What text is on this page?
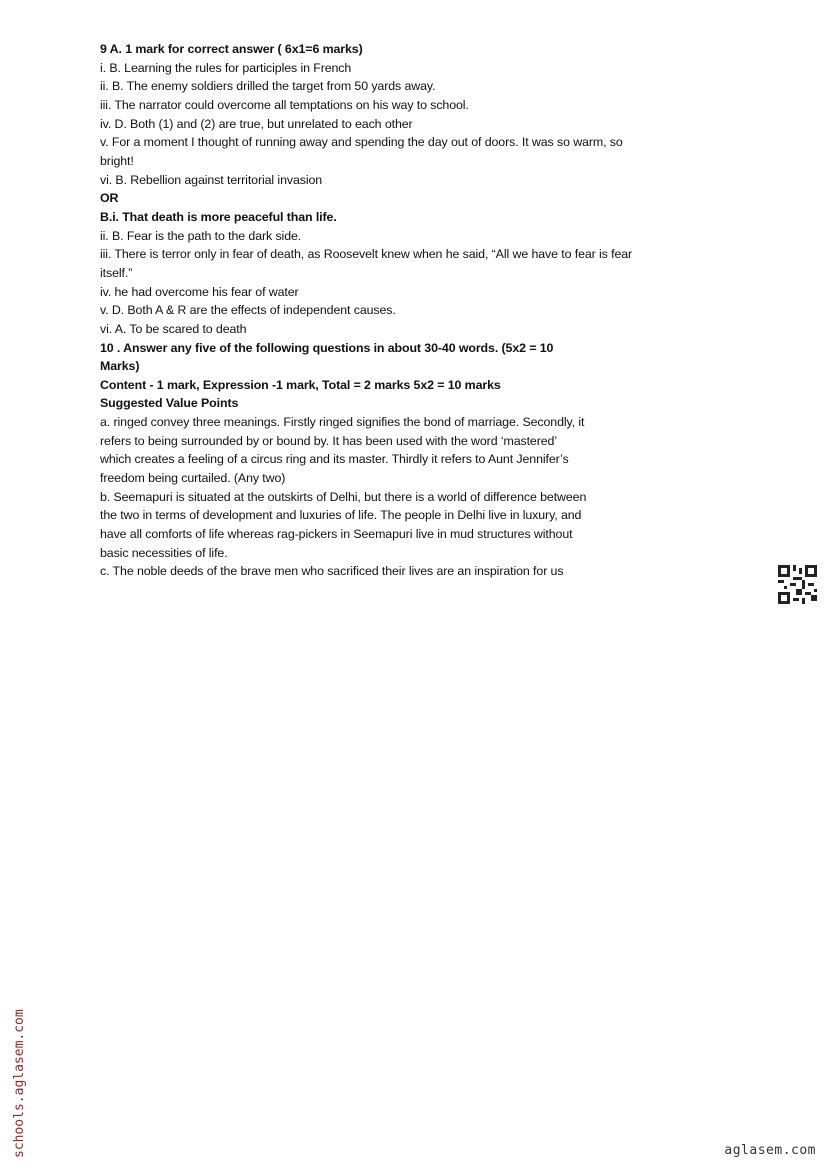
9 A. 1 mark for correct answer ( 6x1=6 marks)
i. B. Learning the rules for participles in French
ii. B. The enemy soldiers drilled the target from 50 yards away.
iii. The narrator could overcome all temptations on his way to school.
iv. D. Both (1) and (2) are true, but unrelated to each other
v. For a moment I thought of running away and spending the day out of doors. It was so warm, so
bright!
vi. B. Rebellion against territorial invasion
OR
B.i. That death is more peaceful than life.
ii. B. Fear is the path to the dark side.
iii. There is terror only in fear of death, as Roosevelt knew when he said, “All we have to fear is fear
itself.”
iv. he had overcome his fear of water
v. D. Both A & R are the effects of independent causes.
vi. A. To be scared to death
10 . Answer any five of the following questions in about 30-40 words. (5x2 = 10
Marks)
Content - 1 mark, Expression -1 mark, Total = 2 marks 5x2 = 10 marks
Suggested Value Points
a. ringed convey three meanings. Firstly ringed signifies the bond of marriage. Secondly, it
refers to being surrounded by or bound by. It has been used with the word ‘mastered’
which creates a feeling of a circus ring and its master. Thirdly it refers to Aunt Jennifer’s
freedom being curtailed. (Any two)
b. Seemapuri is situated at the outskirts of Delhi, but there is a world of difference between
the two in terms of development and luxuries of life. The people in Delhi live in luxury, and
have all comforts of life whereas rag-pickers in Seemapuri live in mud structures without
basic necessities of life.
c. The noble deeds of the brave men who sacrificed their lives are an inspiration for us
schools.aglasem.com	aglasem.com
